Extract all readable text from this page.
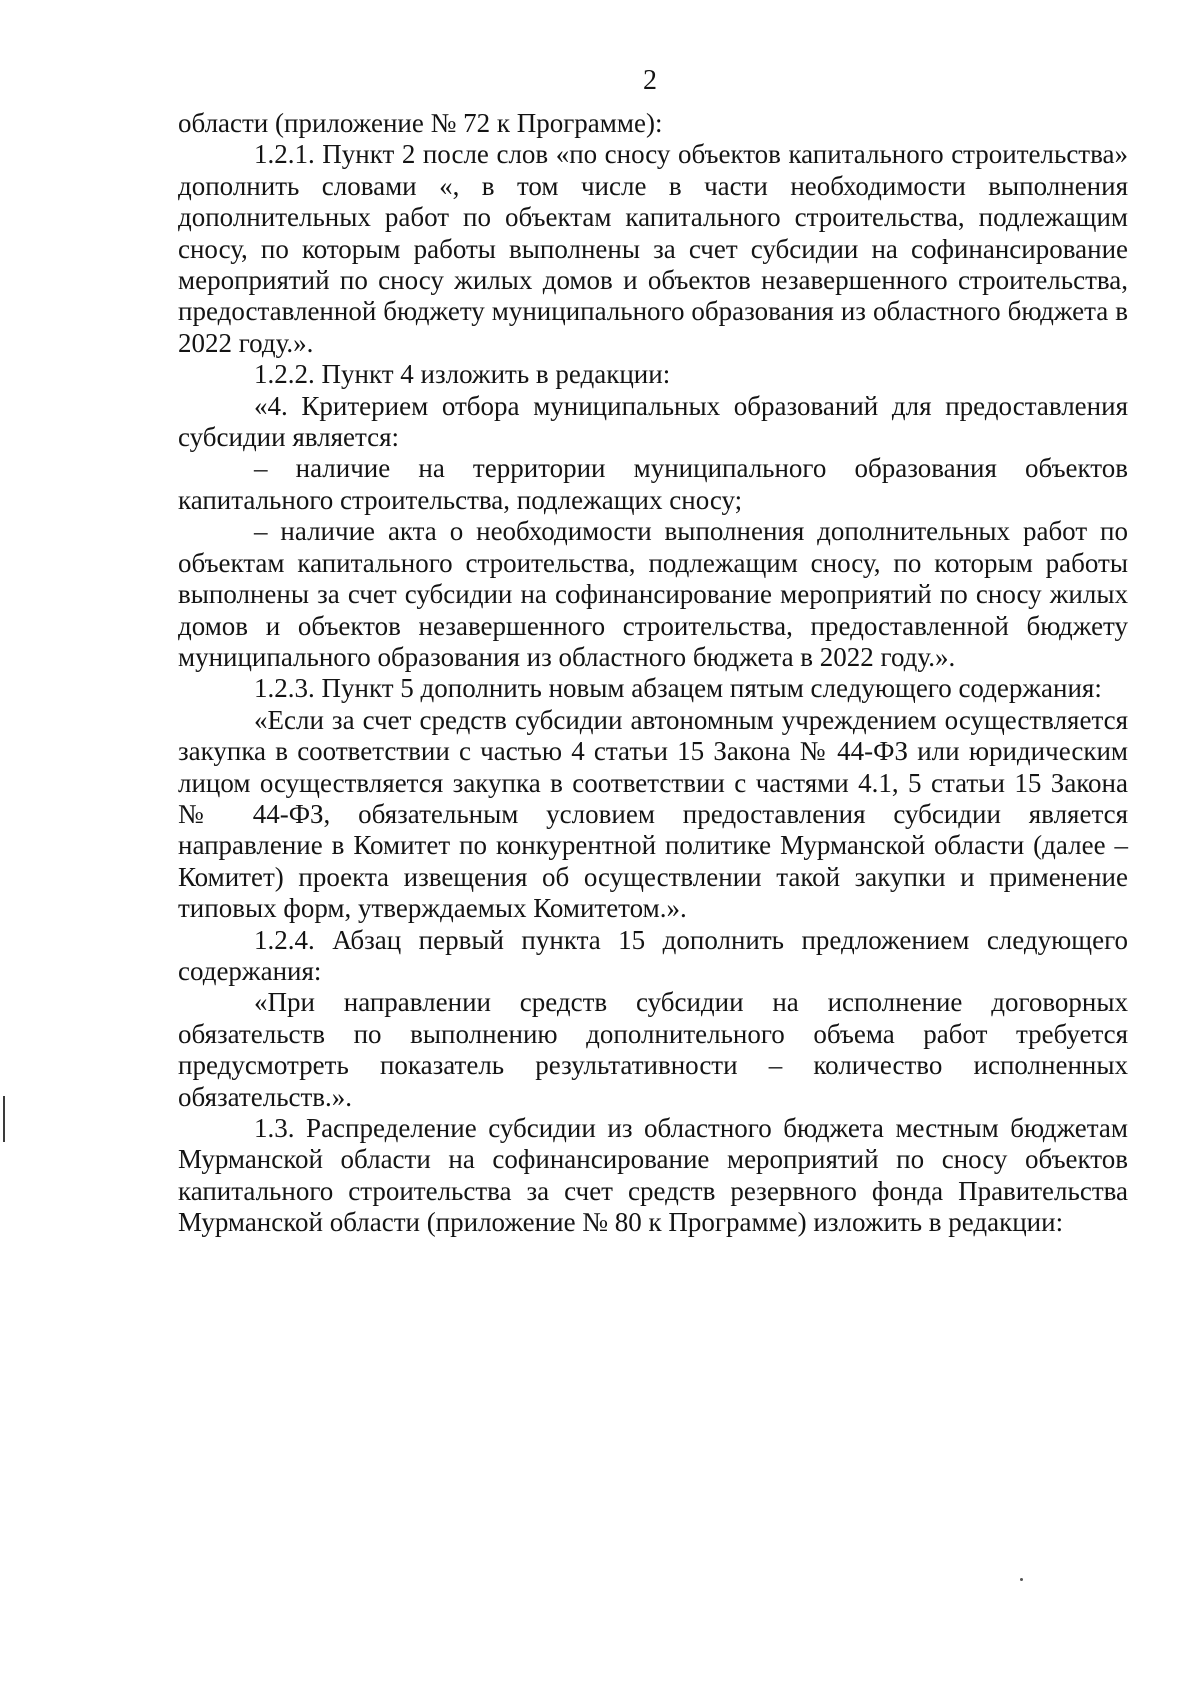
2

области (приложение № 72 к Программе):

1.2.1. Пункт 2 после слов «по сносу объектов капитального строительства» дополнить словами «, в том числе в части необходимости выполнения дополнительных работ по объектам капитального строительства, подлежащим сносу, по которым работы выполнены за счет субсидии на софинансирование мероприятий по сносу жилых домов и объектов незавершенного строительства, предоставленной бюджету муниципального образования из областного бюджета в 2022 году.».

1.2.2. Пункт 4 изложить в редакции:

«4. Критерием отбора муниципальных образований для предоставления субсидии является:

– наличие на территории муниципального образования объектов капитального строительства, подлежащих сносу;

– наличие акта о необходимости выполнения дополнительных работ по объектам капитального строительства, подлежащим сносу, по которым работы выполнены за счет субсидии на софинансирование мероприятий по сносу жилых домов и объектов незавершенного строительства, предоставленной бюджету муниципального образования из областного бюджета в 2022 году.».

1.2.3. Пункт 5 дополнить новым абзацем пятым следующего содержания:

«Если за счет средств субсидии автономным учреждением осуществляется закупка в соответствии с частью 4 статьи 15 Закона № 44-ФЗ или юридическим лицом осуществляется закупка в соответствии с частями 4.1, 5 статьи 15 Закона № 44-ФЗ, обязательным условием предоставления субсидии является направление в Комитет по конкурентной политике Мурманской области (далее – Комитет) проекта извещения об осуществлении такой закупки и применение типовых форм, утверждаемых Комитетом.».

1.2.4. Абзац первый пункта 15 дополнить предложением следующего содержания:

«При направлении средств субсидии на исполнение договорных обязательств по выполнению дополнительного объема работ требуется предусмотреть показатель результативности – количество исполненных обязательств.».

1.3. Распределение субсидии из областного бюджета местным бюджетам Мурманской области на софинансирование мероприятий по сносу объектов капитального строительства за счет средств резервного фонда Правительства Мурманской области (приложение № 80 к Программе) изложить в редакции:
